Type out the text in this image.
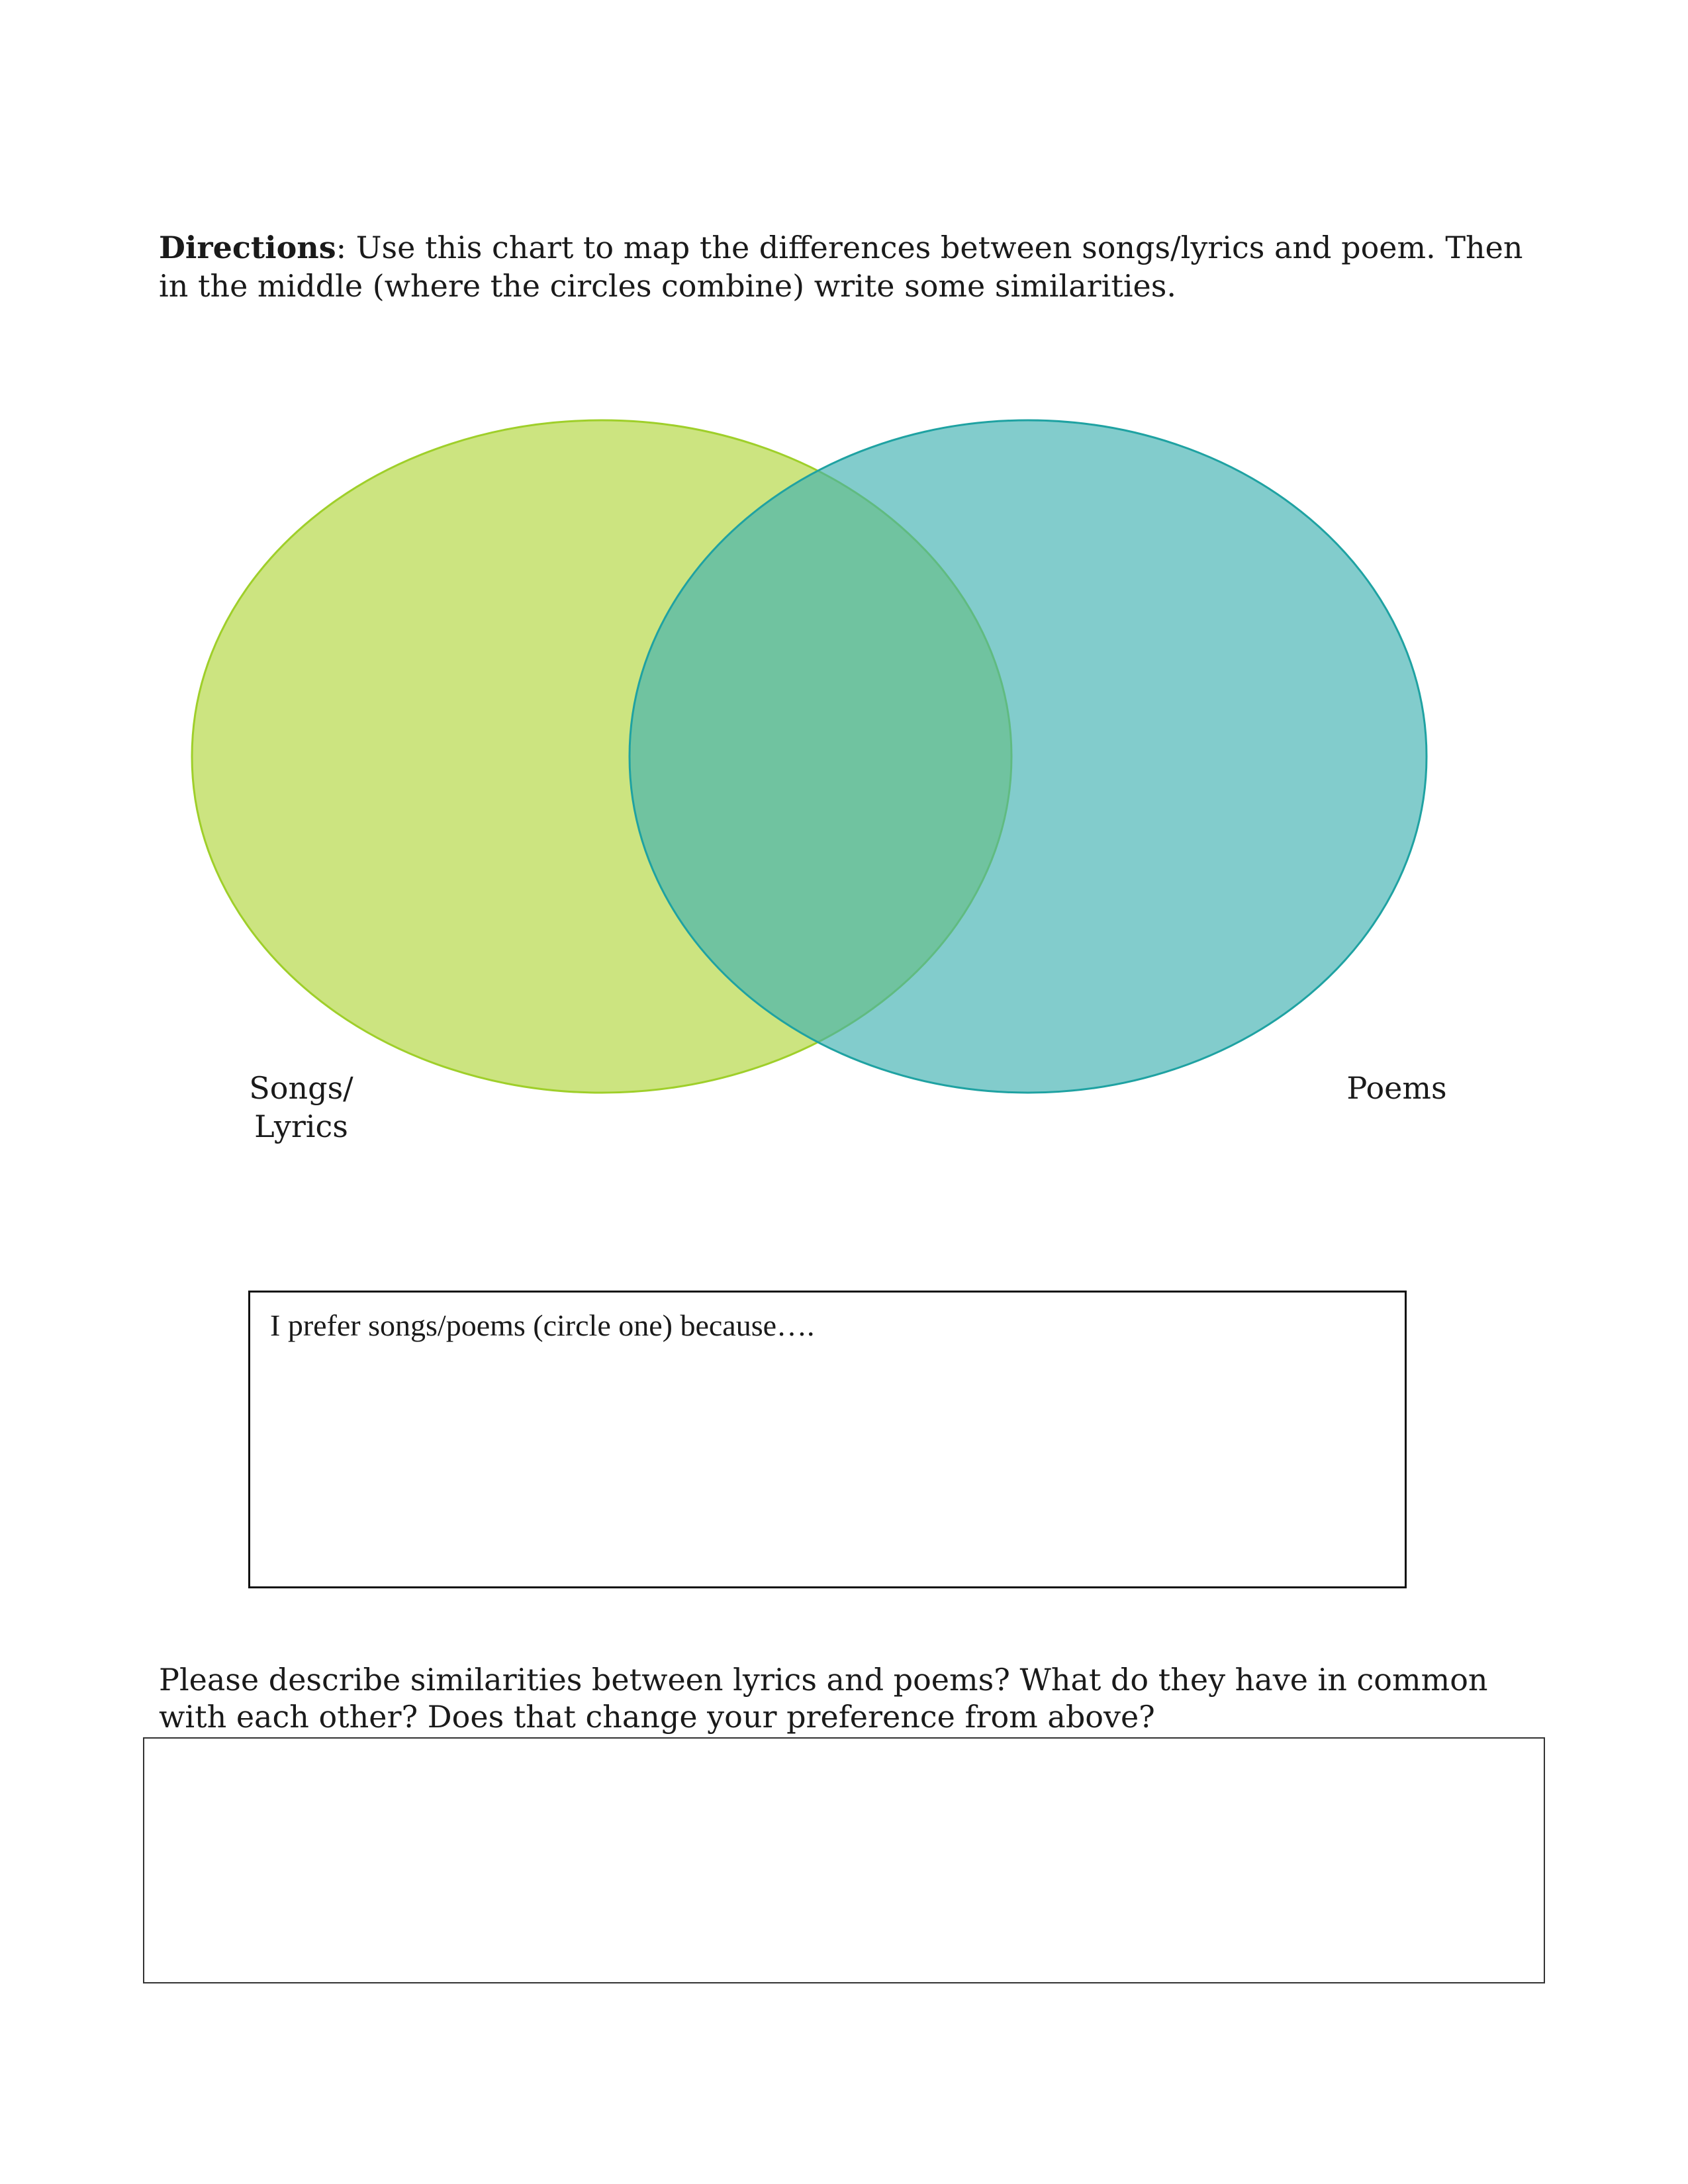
Directions: Use this chart to map the differences between songs/lyrics and poem. Then in the middle (where the circles combine) write some similarities.

Songs/
Lyrics
Poems

I prefer songs/poems (circle one) because….

Please describe similarities between lyrics and poems? What do they have in common with each other? Does that change your preference from above?
